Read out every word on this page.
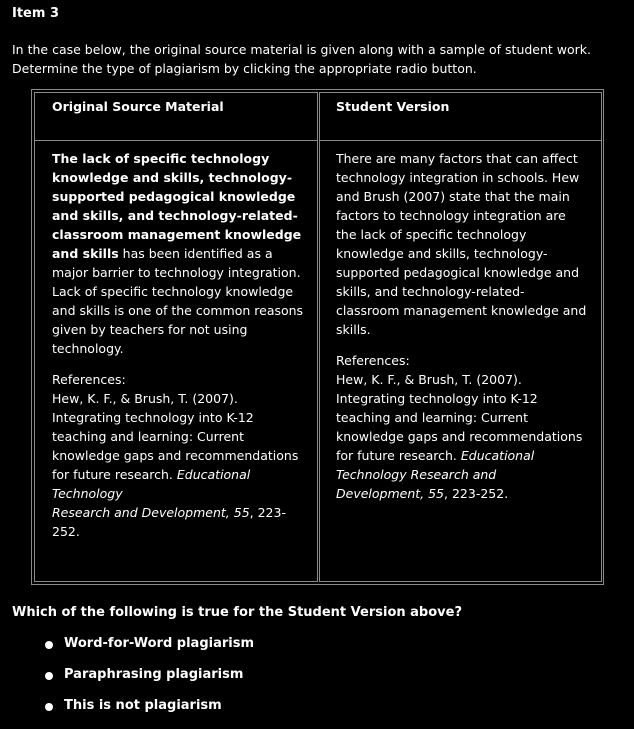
Item 3

In the case below, the original source material is given along with a sample of student work.

Determine the type of plagiarism by clicking the appropriate radio button.

Original Source Material

The lack of specific technology knowledge and skills, technology-supported pedagogical knowledge and skills, and technology-related-classroom management knowledge and skills has been identified as a major barrier to technology integration. Lack of specific technology knowledge and skills is one of the common reasons given by teachers for not using technology.

References:

Hew, K. F., & Brush, T. (2007). Integrating technology into K-12 teaching and learning: Current knowledge gaps and recommendations for future research. Educational Technology
Research and Development, 55, 223-252.

Student Version

There are many factors that can affect technology integration in schools. Hew and Brush (2007) state that the main factors to technology integration are the lack of specific technology knowledge and skills, technology-supported pedagogical knowledge and skills, and technology-related-classroom management knowledge and skills.

References:

Hew, K. F., & Brush, T. (2007). Integrating technology into K-12 teaching and learning: Current knowledge gaps and recommendations for future research. Educational Technology Research and Development, 55, 223-252.

Which of the following is true for the Student Version above?
Word-for-Word plagiarism
Paraphrasing plagiarism
This is not plagiarism
